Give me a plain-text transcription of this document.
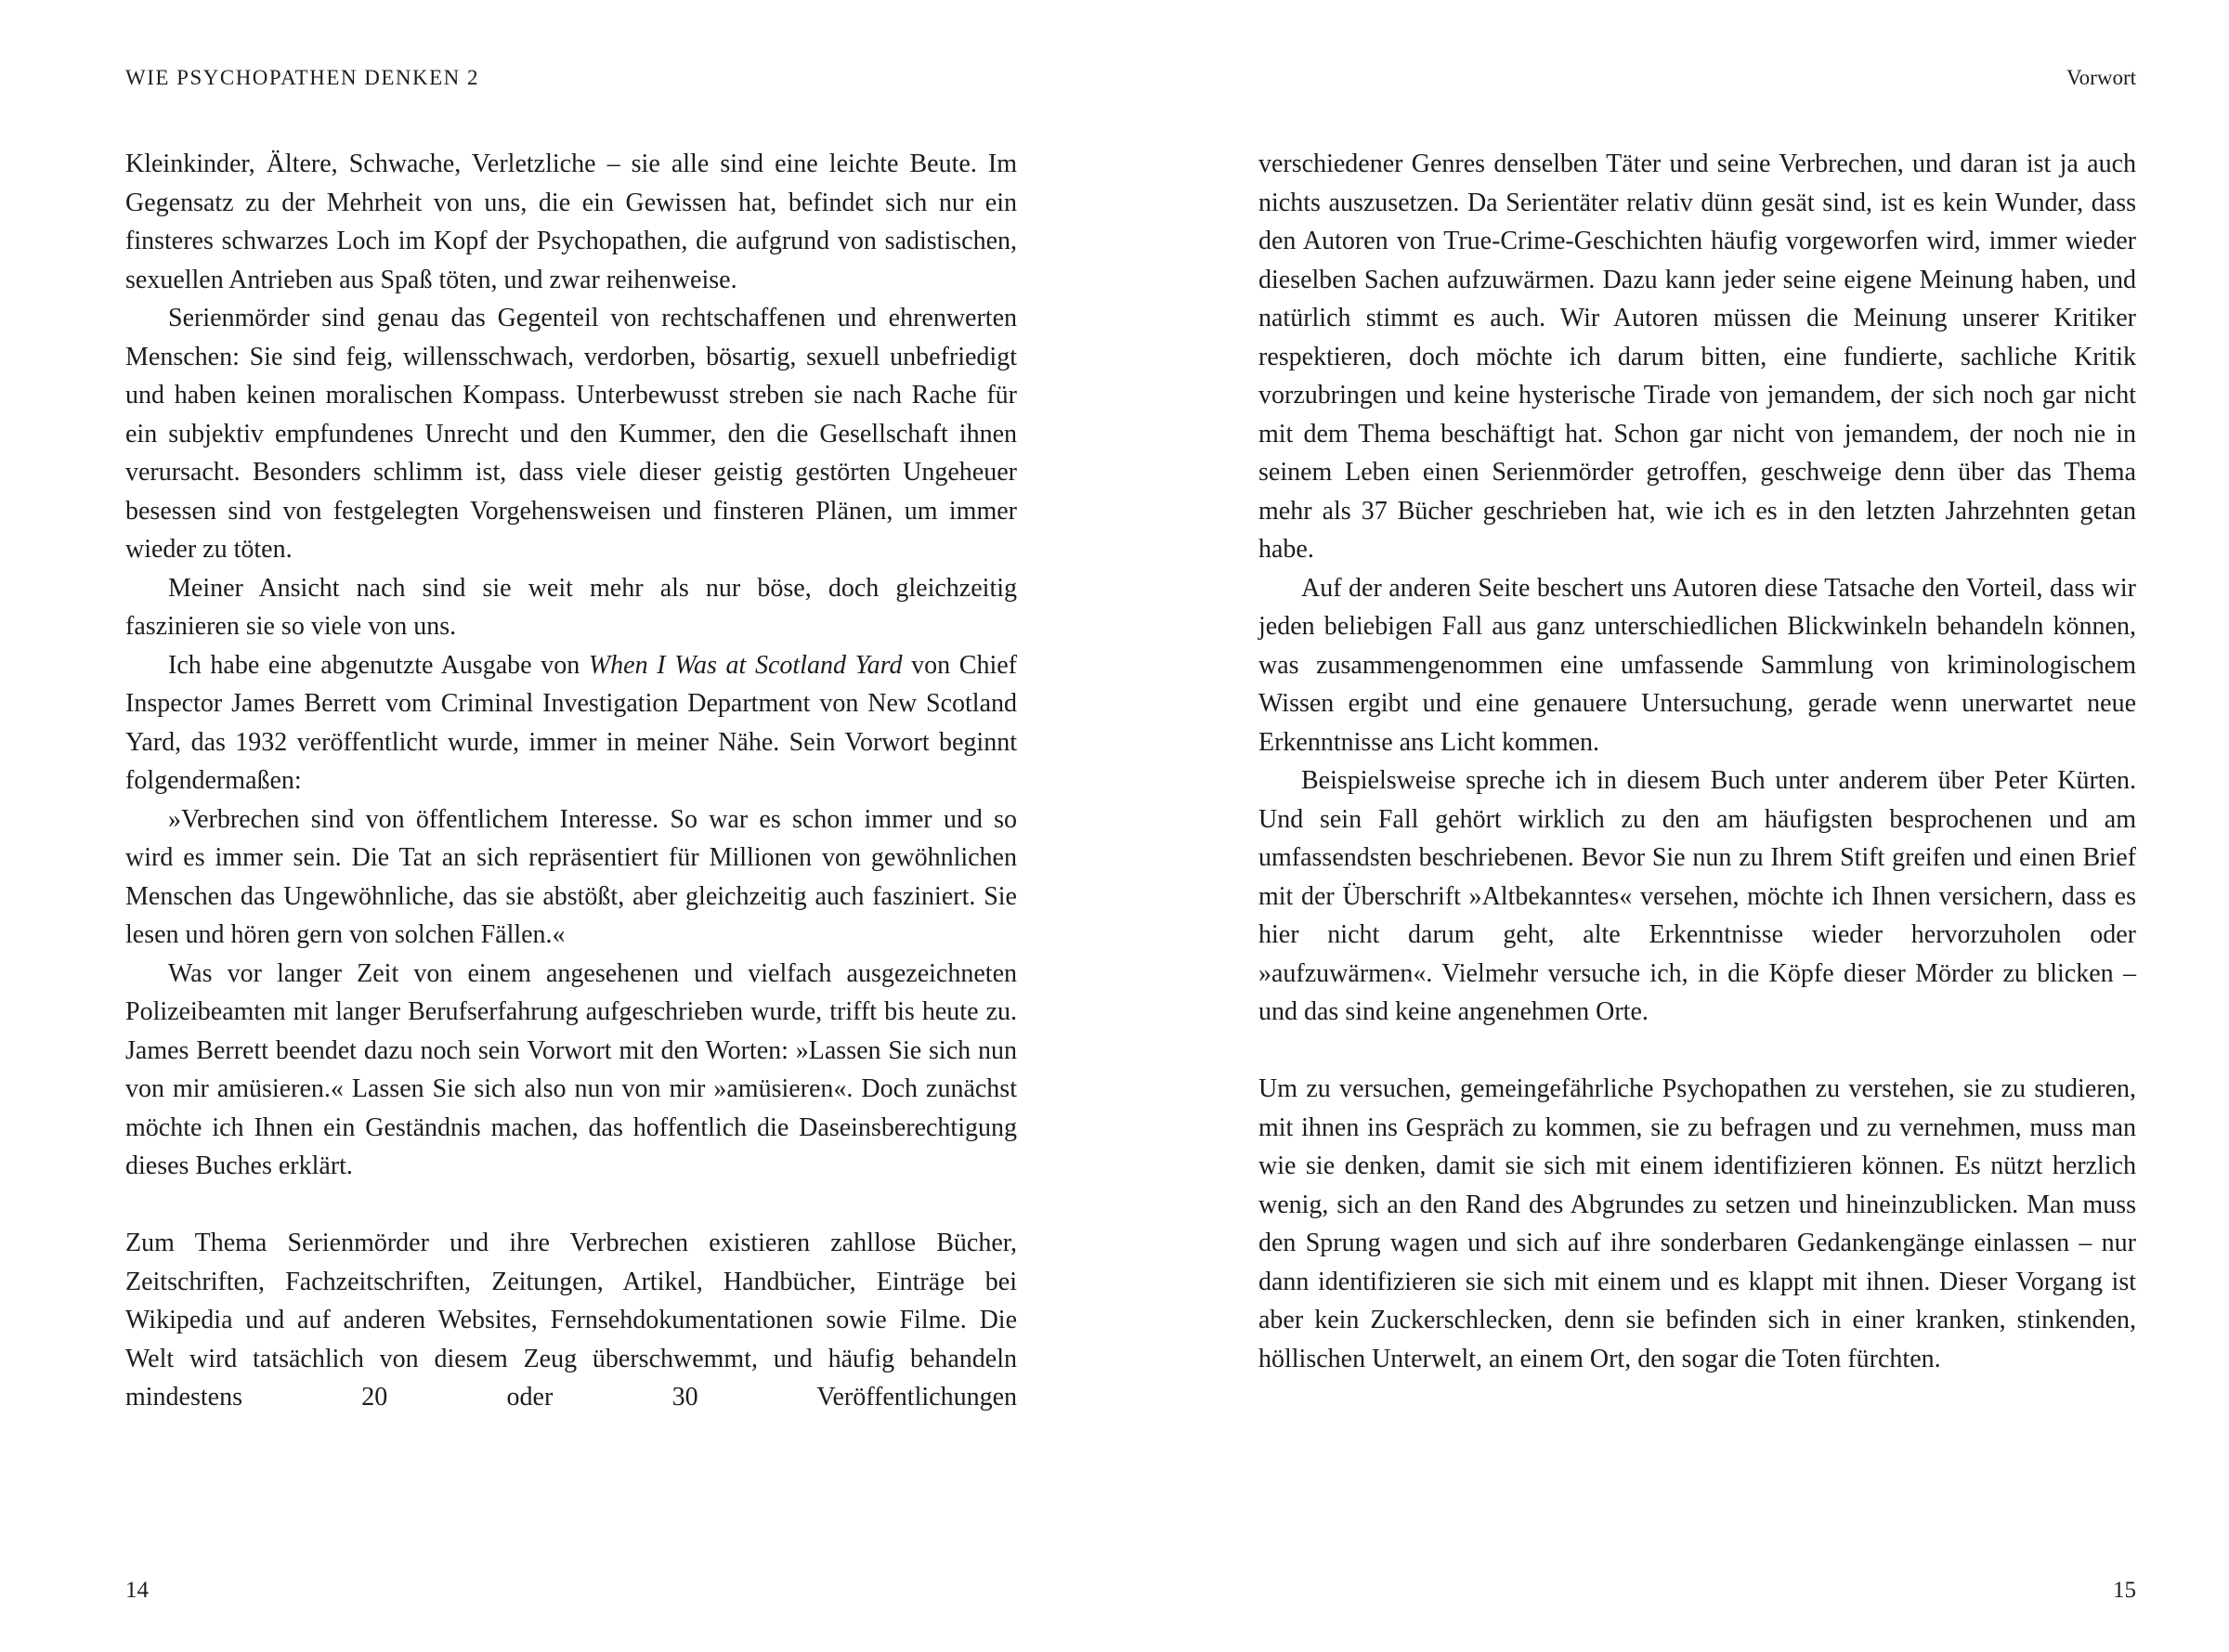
WIE PSYCHOPATHEN DENKEN 2

Kleinkinder, Ältere, Schwache, Verletzliche – sie alle sind eine leichte Beute. Im Gegensatz zu der Mehrheit von uns, die ein Gewissen hat, befindet sich nur ein finsteres schwarzes Loch im Kopf der Psychopathen, die aufgrund von sadistischen, sexuellen Antrieben aus Spaß töten, und zwar reihenweise.

Serienmörder sind genau das Gegenteil von rechtschaffenen und ehrenwerten Menschen: Sie sind feig, willensschwach, verdorben, bösartig, sexuell unbefriedigt und haben keinen moralischen Kompass. Unterbewusst streben sie nach Rache für ein subjektiv empfundenes Unrecht und den Kummer, den die Gesellschaft ihnen verursacht. Besonders schlimm ist, dass viele dieser geistig gestörten Ungeheuer besessen sind von festgelegten Vorgehensweisen und finsteren Plänen, um immer wieder zu töten.

Meiner Ansicht nach sind sie weit mehr als nur böse, doch gleichzeitig faszinieren sie so viele von uns.

Ich habe eine abgenutzte Ausgabe von When I Was at Scotland Yard von Chief Inspector James Berrett vom Criminal Investigation Department von New Scotland Yard, das 1932 veröffentlicht wurde, immer in meiner Nähe. Sein Vorwort beginnt folgendermaßen:

»Verbrechen sind von öffentlichem Interesse. So war es schon immer und so wird es immer sein. Die Tat an sich repräsentiert für Millionen von gewöhnlichen Menschen das Ungewöhnliche, das sie abstößt, aber gleichzeitig auch fasziniert. Sie lesen und hören gern von solchen Fällen.«

Was vor langer Zeit von einem angesehenen und vielfach ausgezeichneten Polizeibeamten mit langer Berufserfahrung aufgeschrieben wurde, trifft bis heute zu. James Berrett beendet dazu noch sein Vorwort mit den Worten: »Lassen Sie sich nun von mir amüsieren.« Lassen Sie sich also nun von mir »amüsieren«. Doch zunächst möchte ich Ihnen ein Geständnis machen, das hoffentlich die Daseinsberechtigung dieses Buches erklärt.

Zum Thema Serienmörder und ihre Verbrechen existieren zahllose Bücher, Zeitschriften, Fachzeitschriften, Zeitungen, Artikel, Handbücher, Einträge bei Wikipedia und auf anderen Websites, Fernsehdokumentationen sowie Filme. Die Welt wird tatsächlich von diesem Zeug überschwemmt, und häufig behandeln mindestens 20 oder 30 Veröffentlichungen

14
Vorwort

verschiedener Genres denselben Täter und seine Verbrechen, und daran ist ja auch nichts auszusetzen. Da Serientäter relativ dünn gesät sind, ist es kein Wunder, dass den Autoren von True-Crime-Geschichten häufig vorgeworfen wird, immer wieder dieselben Sachen aufzuwärmen. Dazu kann jeder seine eigene Meinung haben, und natürlich stimmt es auch. Wir Autoren müssen die Meinung unserer Kritiker respektieren, doch möchte ich darum bitten, eine fundierte, sachliche Kritik vorzubringen und keine hysterische Tirade von jemandem, der sich noch gar nicht mit dem Thema beschäftigt hat. Schon gar nicht von jemandem, der noch nie in seinem Leben einen Serienmörder getroffen, geschweige denn über das Thema mehr als 37 Bücher geschrieben hat, wie ich es in den letzten Jahrzehnten getan habe.

Auf der anderen Seite beschert uns Autoren diese Tatsache den Vorteil, dass wir jeden beliebigen Fall aus ganz unterschiedlichen Blickwinkeln behandeln können, was zusammengenommen eine umfassende Sammlung von kriminologischem Wissen ergibt und eine genauere Untersuchung, gerade wenn unerwartet neue Erkenntnisse ans Licht kommen.

Beispielsweise spreche ich in diesem Buch unter anderem über Peter Kürten. Und sein Fall gehört wirklich zu den am häufigsten besprochenen und am umfassendsten beschriebenen. Bevor Sie nun zu Ihrem Stift greifen und einen Brief mit der Überschrift »Altbekanntes« versehen, möchte ich Ihnen versichern, dass es hier nicht darum geht, alte Erkenntnisse wieder hervorzuholen oder »aufzuwärmen«. Vielmehr versuche ich, in die Köpfe dieser Mörder zu blicken – und das sind keine angenehmen Orte.

Um zu versuchen, gemeingefährliche Psychopathen zu verstehen, sie zu studieren, mit ihnen ins Gespräch zu kommen, sie zu befragen und zu vernehmen, muss man wie sie denken, damit sie sich mit einem identifizieren können. Es nützt herzlich wenig, sich an den Rand des Abgrundes zu setzen und hineinzublicken. Man muss den Sprung wagen und sich auf ihre sonderbaren Gedankengänge einlassen – nur dann identifizieren sie sich mit einem und es klappt mit ihnen. Dieser Vorgang ist aber kein Zuckerschlecken, denn sie befinden sich in einer kranken, stinkenden, höllischen Unterwelt, an einem Ort, den sogar die Toten fürchten.

15
